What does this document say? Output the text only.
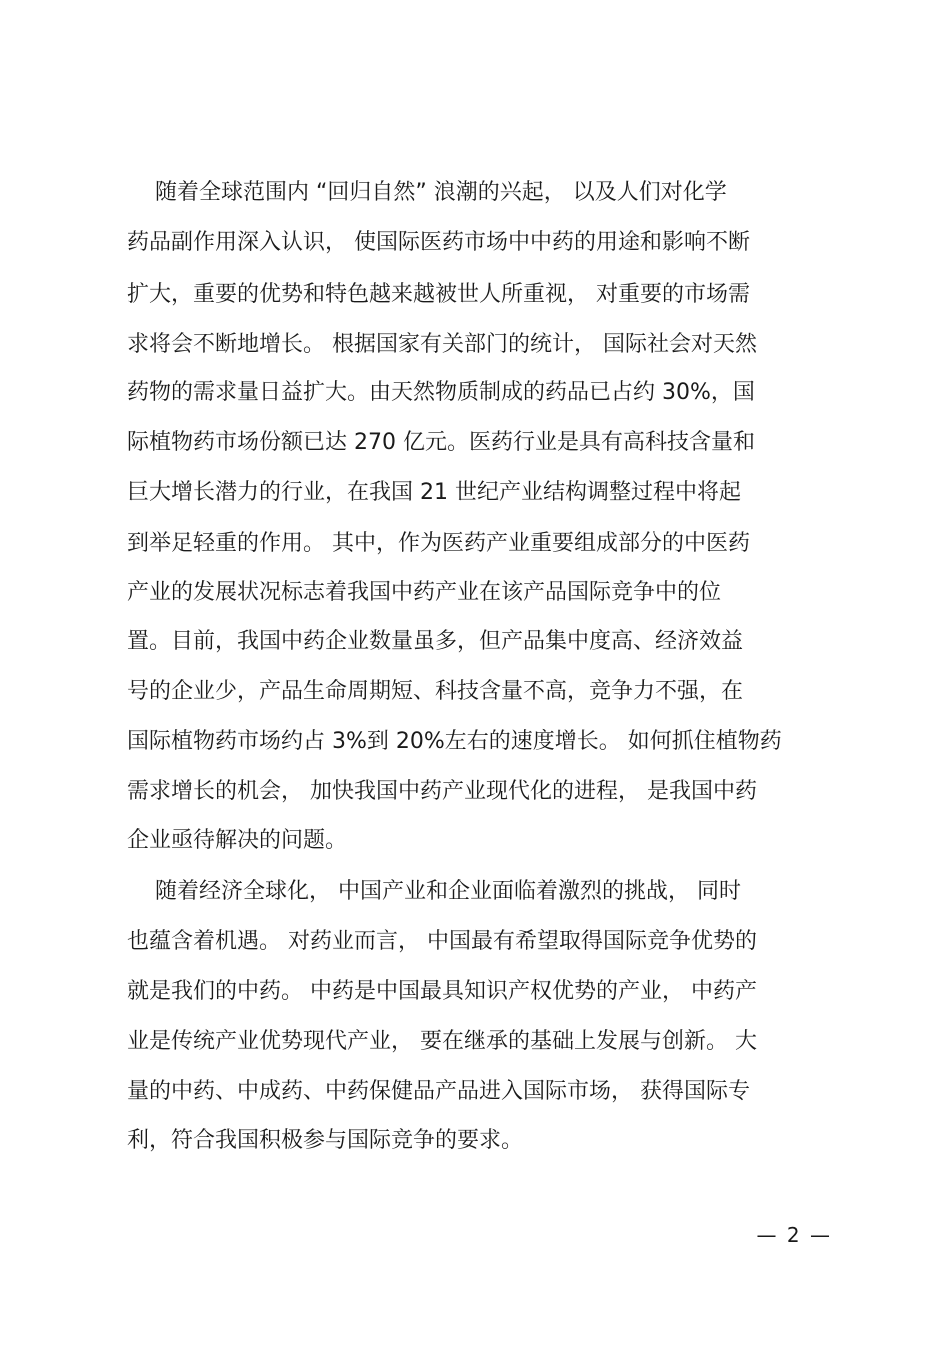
随着全球范围内 “回归自然” 浪潮的兴起， 以及人们对化学
药品副作用深入认识， 使国际医药市场中中药的用途和影响不断
扩大，重要的优势和特色越来越被世人所重视， 对重要的市场需
求将会不断地增长。 根据国家有关部门的统计， 国际社会对天然
药物的需求量日益扩大。由天然物质制成的药品已占约 30%，国
际植物药市场份额已达 270 亿元。医药行业是具有高科技含量和
巨大增长潜力的行业，在我国 21 世纪产业结构调整过程中将起
到举足轻重的作用。 其中，作为医药产业重要组成部分的中医药
产业的发展状况标志着我国中药产业在该产品国际竞争中的位
置。目前，我国中药企业数量虽多，但产品集中度高、经济效益
号的企业少，产品生命周期短、科技含量不高，竞争力不强，在
国际植物药市场约占 3%到 20%左右的速度增长。 如何抓住植物药
需求增长的机会， 加快我国中药产业现代化的进程， 是我国中药
企业亟待解决的问题。
随着经济全球化， 中国产业和企业面临着激烈的挑战， 同时
也蕴含着机遇。 对药业而言， 中国最有希望取得国际竞争优势的
就是我们的中药。 中药是中国最具知识产权优势的产业， 中药产
业是传统产业优势现代产业， 要在继承的基础上发展与创新。 大
量的中药、中成药、中药保健品产品进入国际市场， 获得国际专
利，符合我国积极参与国际竞争的要求。
— 2 —
